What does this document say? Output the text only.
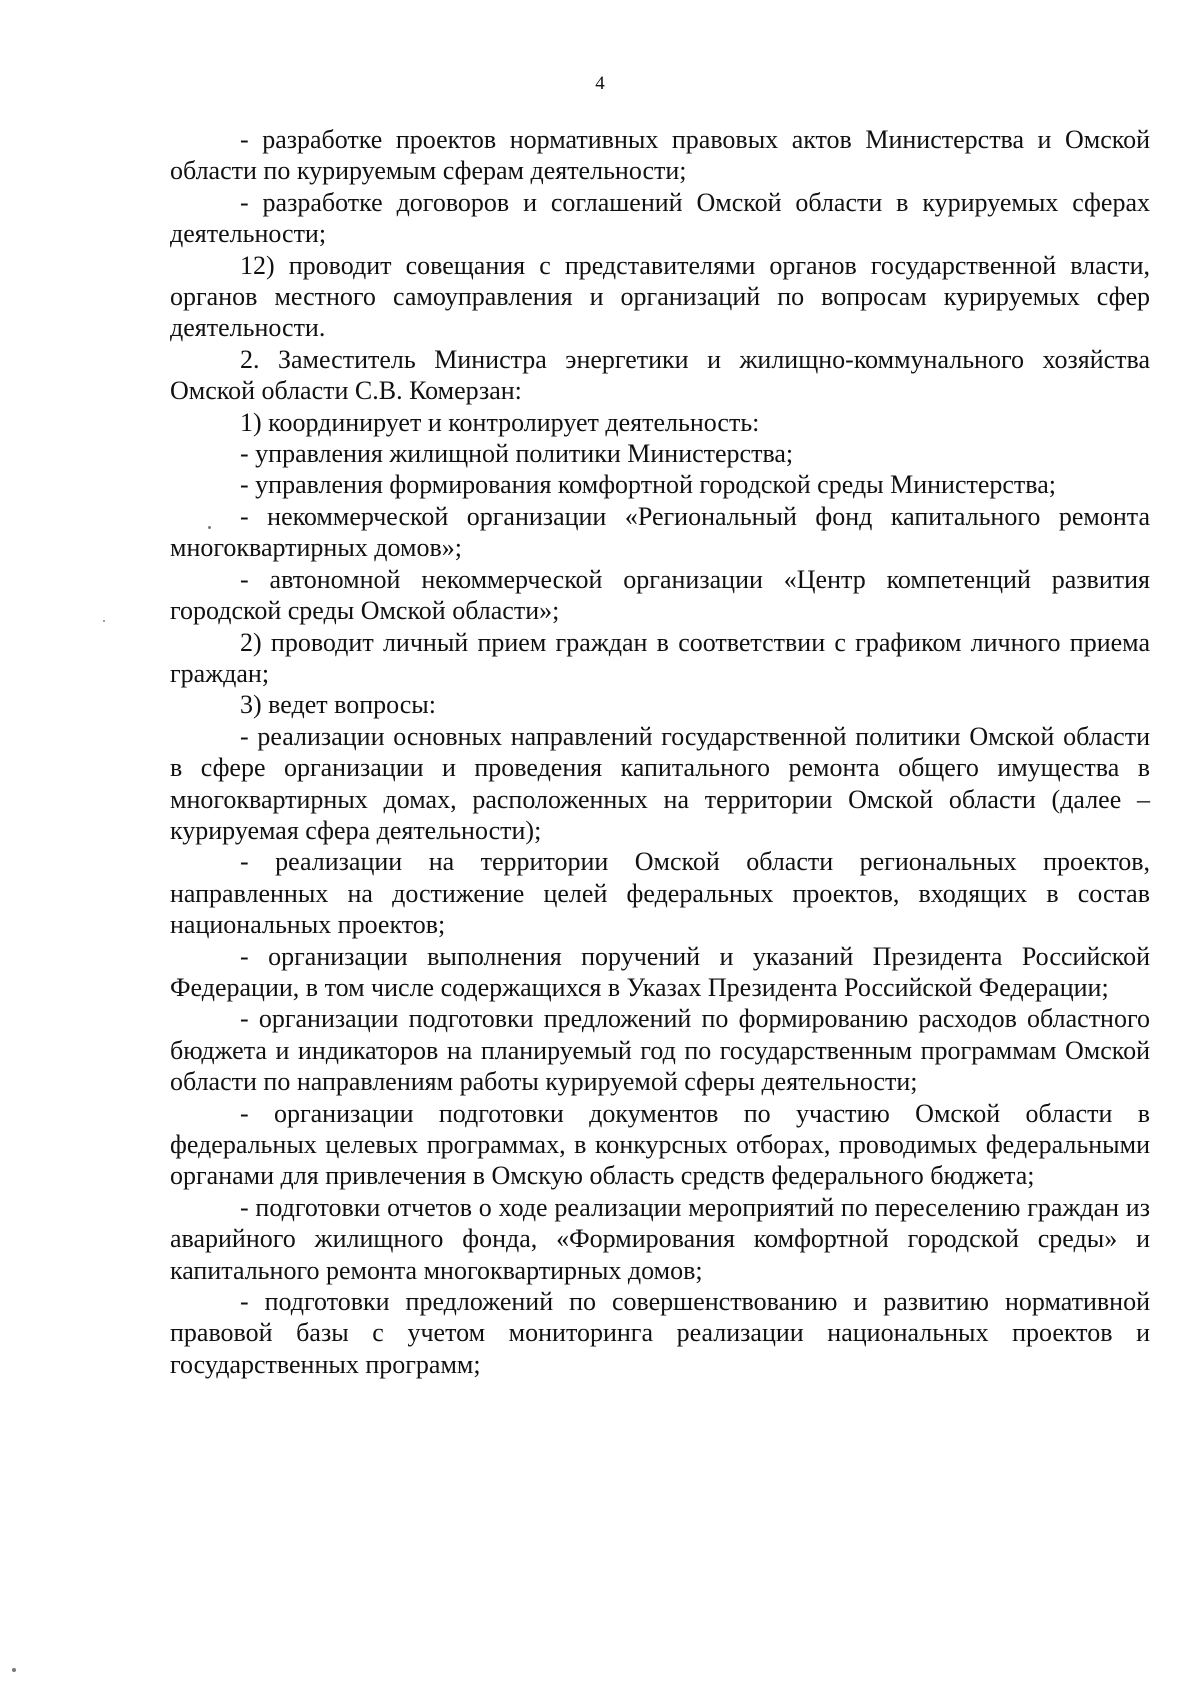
4

- разработке проектов нормативных правовых актов Министерства и Омской области по курируемым сферам деятельности;

- разработке договоров и соглашений Омской области в курируемых сферах деятельности;

12) проводит совещания с представителями органов государственной власти, органов местного самоуправления и организаций по вопросам курируемых сфер деятельности.

2. Заместитель Министра энергетики и жилищно-коммунального хозяйства Омской области С.В. Комерзан:

1) координирует и контролирует деятельность:

- управления жилищной политики Министерства;

- управления формирования комфортной городской среды Министерства;

- некоммерческой организации «Региональный фонд капитального ремонта многоквартирных домов»;

- автономной некоммерческой организации «Центр компетенций развития городской среды Омской области»;

2) проводит личный прием граждан в соответствии с графиком личного приема граждан;

3) ведет вопросы:

- реализации основных направлений государственной политики Омской области в сфере организации и проведения капитального ремонта общего имущества в многоквартирных домах, расположенных на территории Омской области (далее – курируемая сфера деятельности);

- реализации на территории Омской области региональных проектов, направленных на достижение целей федеральных проектов, входящих в состав национальных проектов;

- организации выполнения поручений и указаний Президента Российской Федерации, в том числе содержащихся в Указах Президента Российской Федерации;

- организации подготовки предложений по формированию расходов областного бюджета и индикаторов на планируемый год по государственным программам Омской области по направлениям работы курируемой сферы деятельности;

- организации подготовки документов по участию Омской области в федеральных целевых программах, в конкурсных отборах, проводимых федеральными органами для привлечения в Омскую область средств федерального бюджета;

- подготовки отчетов о ходе реализации мероприятий по переселению граждан из аварийного жилищного фонда, «Формирования комфортной городской среды» и капитального ремонта многоквартирных домов;

- подготовки предложений по совершенствованию и развитию нормативной правовой базы с учетом мониторинга реализации национальных проектов и государственных программ;
